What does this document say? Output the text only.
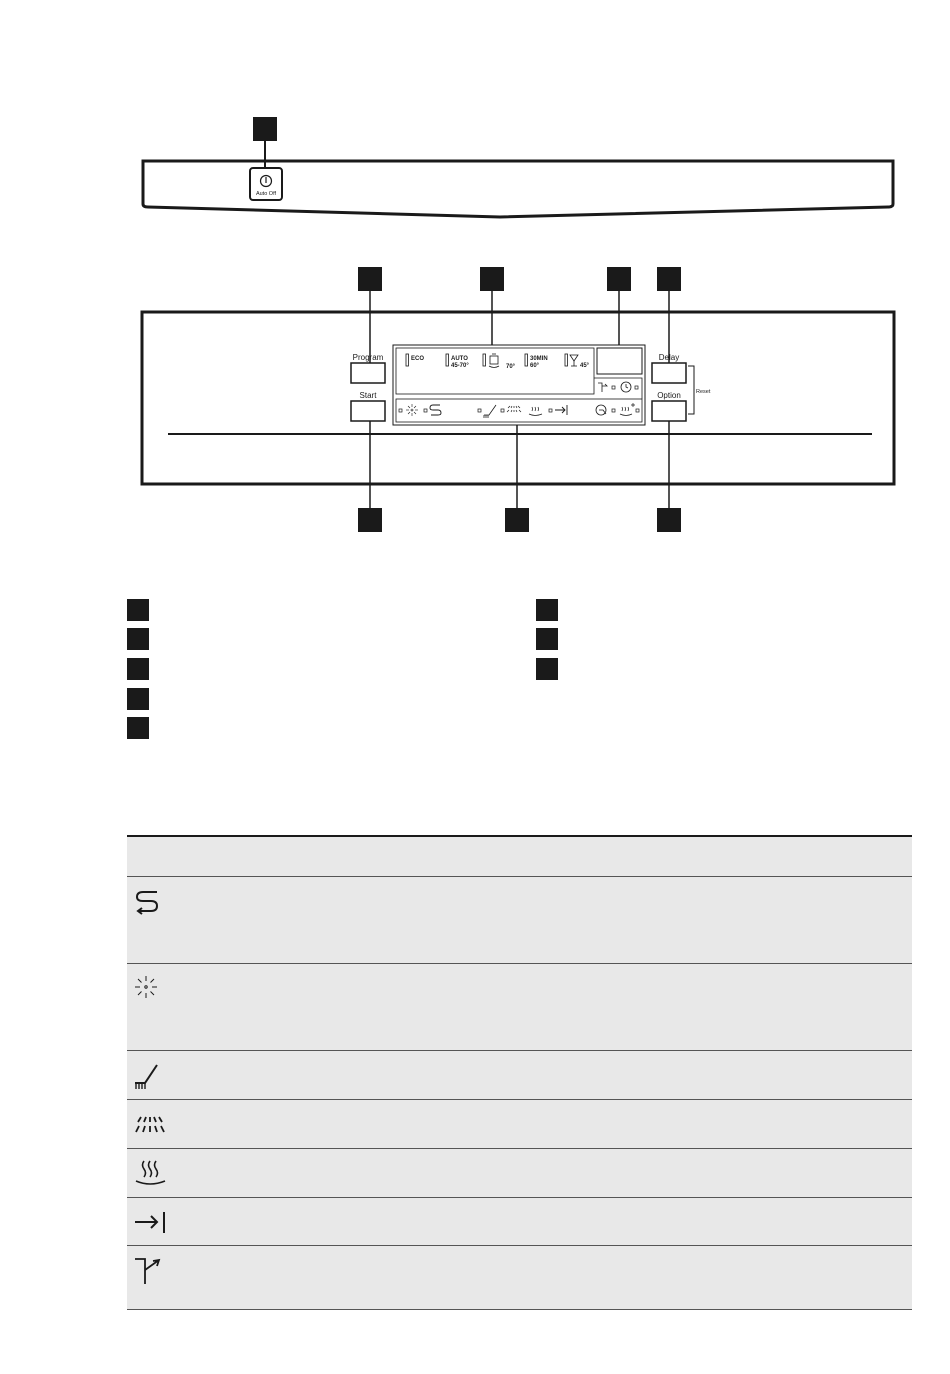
Auto Off
Program
Start
Delay
Option	Reset
ECO	AUTO
45-70°	70°
30MIN
60°	45°
